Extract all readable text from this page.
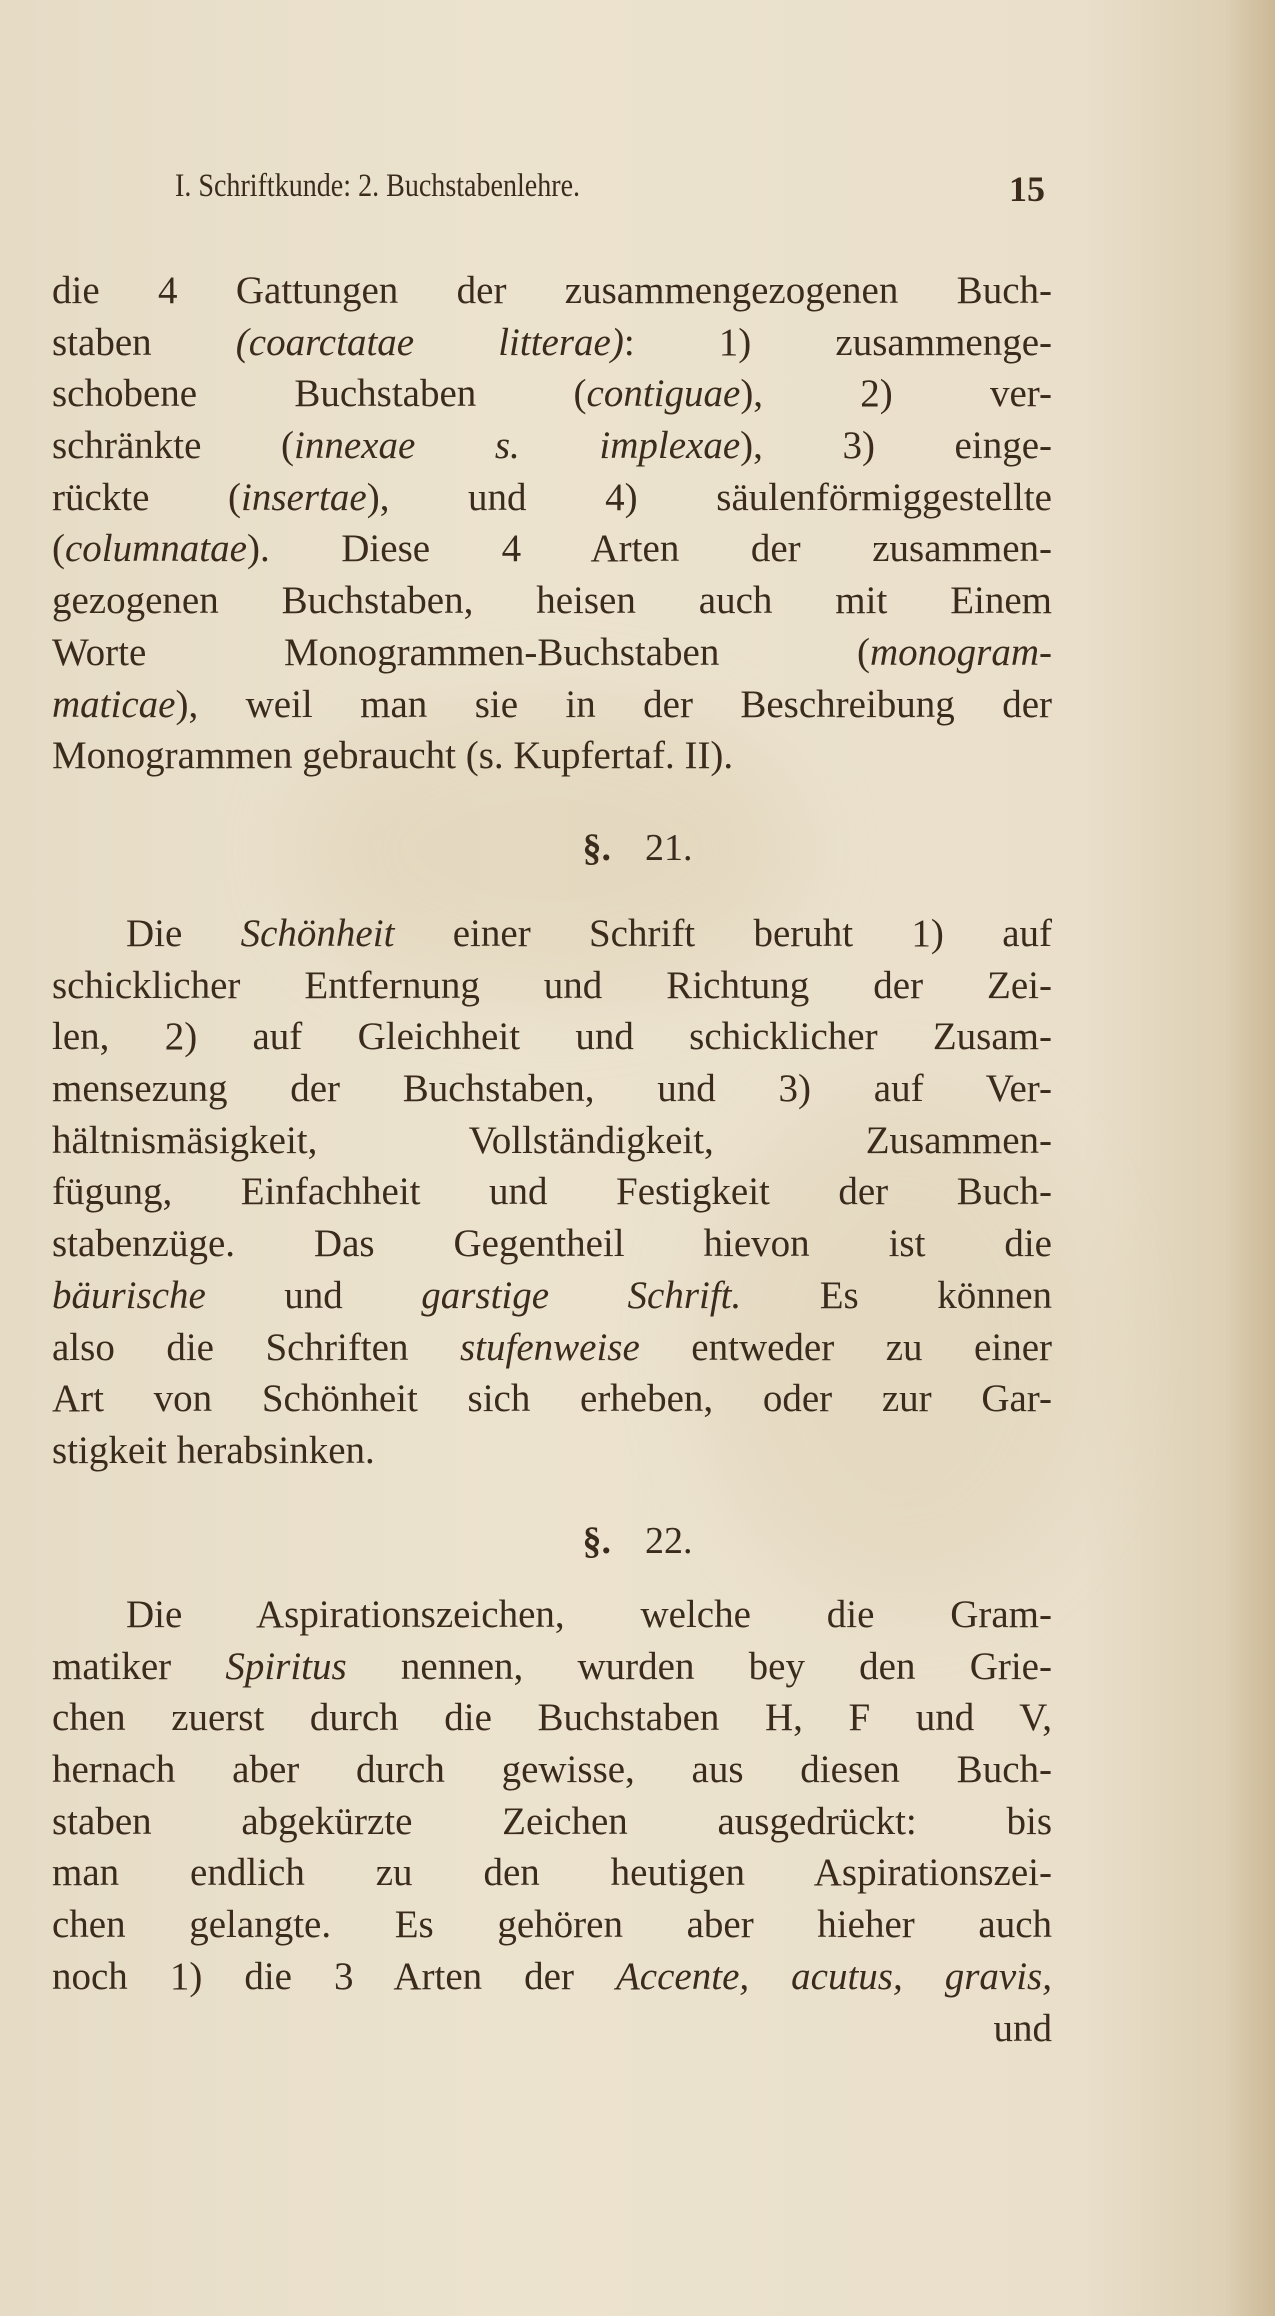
I. Schriftkunde: 2. Buchstabenlehre.	15
die 4 Gattungen der zusammengezogenen Buch-
staben (coarctatae litterae): 1) zusammenge-
schobene Buchstaben (contiguae), 2) ver-
schränkte (innexae s. implexae), 3) einge-
rückte (insertae), und 4) säulenförmiggestellte
(columnatae). Diese 4 Arten der zusammen-
gezogenen Buchstaben, heisen auch mit Einem
Worte Monogrammen-Buchstaben (monogram-
maticae), weil man sie in der Beschreibung der
Monogrammen gebraucht (s. Kupfertaf. II).
§. 21.
Die Schönheit einer Schrift beruht 1) auf
schicklicher Entfernung und Richtung der Zei-
len, 2) auf Gleichheit und schicklicher Zusam-
mensezung der Buchstaben, und 3) auf Ver-
hältnismäsigkeit, Vollständigkeit, Zusammen-
fügung, Einfachheit und Festigkeit der Buch-
stabenzüge. Das Gegentheil hievon ist die
bäurische und garstige Schrift. Es können
also die Schriften stufenweise entweder zu einer
Art von Schönheit sich erheben, oder zur Gar-
stigkeit herabsinken.
§. 22.
Die Aspirationszeichen, welche die Gram-
matiker Spiritus nennen, wurden bey den Grie-
chen zuerst durch die Buchstaben H, F und V,
hernach aber durch gewisse, aus diesen Buch-
staben abgekürzte Zeichen ausgedrückt: bis
man endlich zu den heutigen Aspirationszei-
chen gelangte. Es gehören aber hieher auch
noch 1) die 3 Arten der Accente, acutus, gravis,
und
